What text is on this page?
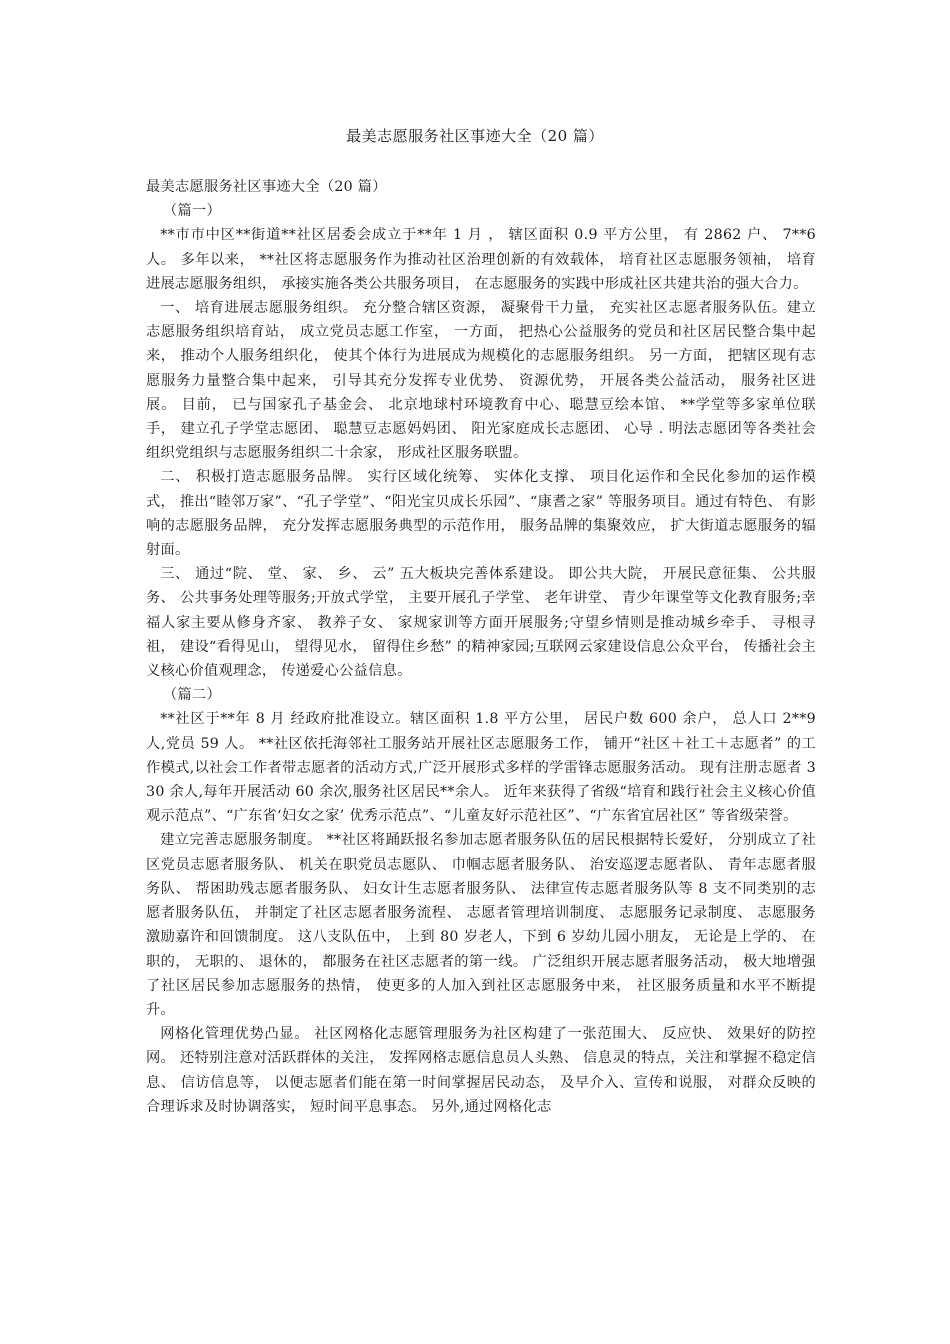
最美志愿服务社区事迹大全（20 篇）

最美志愿服务社区事迹大全（20 篇）

（篇一）

**市市中区**街道**社区居委会成立于**年 1 月 ， 辖区面积 0.9 平方公里， 有 2862 户、 7**6 人。 多年以来， **社区将志愿服务作为推动社区治理创新的有效载体， 培育社区志愿服务领袖， 培育进展志愿服务组织， 承接实施各类公共服务项目， 在志愿服务的实践中形成社区共建共治的强大合力。

一、 培育进展志愿服务组织。 充分整合辖区资源， 凝聚骨干力量， 充实社区志愿者服务队伍。建立志愿服务组织培育站， 成立党员志愿工作室， 一方面， 把热心公益服务的党员和社区居民整合集中起来， 推动个人服务组织化， 使其个体行为进展成为规模化的志愿服务组织。 另一方面， 把辖区现有志愿服务力量整合集中起来， 引导其充分发挥专业优势、 资源优势， 开展各类公益活动， 服务社区进展。 目前， 已与国家孔子基金会、 北京地球村环境教育中心、聪慧豆绘本馆、 **学堂等多家单位联手， 建立孔子学堂志愿团、 聪慧豆志愿妈妈团、 阳光家庭成长志愿团、 心导 . 明法志愿团等各类社会组织党组织与志愿服务组织二十余家， 形成社区服务联盟。

二、 积极打造志愿服务品牌。 实行区域化统筹、 实体化支撑、 项目化运作和全民化参加的运作模式， 推出“睦邻万家”、“孔子学堂”、“阳光宝贝成长乐园”、“康耆之家” 等服务项目。通过有特色、 有影响的志愿服务品牌， 充分发挥志愿服务典型的示范作用， 服务品牌的集聚效应， 扩大街道志愿服务的辐射面。

三、 通过“院、 堂、 家、 乡、 云” 五大板块完善体系建设。 即公共大院， 开展民意征集、 公共服务、 公共事务处理等服务;开放式学堂， 主要开展孔子学堂、 老年讲堂、 青少年课堂等文化教育服务;幸福人家主要从修身齐家、 教养子女、 家规家训等方面开展服务;守望乡情则是推动城乡牵手、 寻根寻祖， 建设“看得见山， 望得见水， 留得住乡愁” 的精神家园;互联网云家建设信息公众平台， 传播社会主义核心价值观理念， 传递爱心公益信息。

（篇二）

**社区于**年 8 月 经政府批准设立。辖区面积 1.8 平方公里， 居民户数 600 余户， 总人口 2**9 人,党员 59 人。 **社区依托海邻社工服务站开展社区志愿服务工作， 铺开“社区＋社工＋志愿者” 的工作模式,以社会工作者带志愿者的活动方式,广泛开展形式多样的学雷锋志愿服务活动。 现有注册志愿者 330 余人,每年开展活动 60 余次,服务社区居民**余人。 近年来获得了省级“培育和践行社会主义核心价值观示范点”、“广东省‘妇女之家’ 优秀示范点”、“儿童友好示范社区”、“广东省宜居社区” 等省级荣誉。

建立完善志愿服务制度。 **社区将踊跃报名参加志愿者服务队伍的居民根据特长爱好， 分别成立了社区党员志愿者服务队、 机关在职党员志愿队、 巾帼志愿者服务队、 治安巡逻志愿者队、 青年志愿者服务队、 帮困助残志愿者服务队、 妇女计生志愿者服务队、 法律宣传志愿者服务队等 8 支不同类别的志愿者服务队伍， 并制定了社区志愿者服务流程、 志愿者管理培训制度、 志愿服务记录制度、 志愿服务激励嘉许和回馈制度。 这八支队伍中， 上到 80 岁老人，下到 6 岁幼儿园小朋友， 无论是上学的、 在职的， 无职的、 退休的， 都服务在社区志愿者的第一线。 广泛组织开展志愿者服务活动， 极大地增强了社区居民参加志愿服务的热情， 使更多的人加入到社区志愿服务中来， 社区服务质量和水平不断提升。

网格化管理优势凸显。 社区网格化志愿管理服务为社区构建了一张范围大、 反应快、 效果好的防控网。 还特别注意对活跃群体的关注， 发挥网格志愿信息员人头熟、 信息灵的特点，关注和掌握不稳定信息、 信访信息等， 以便志愿者们能在第一时间掌握居民动态， 及早介入、宣传和说服， 对群众反映的合理诉求及时协调落实， 短时间平息事态。 另外,通过网格化志
